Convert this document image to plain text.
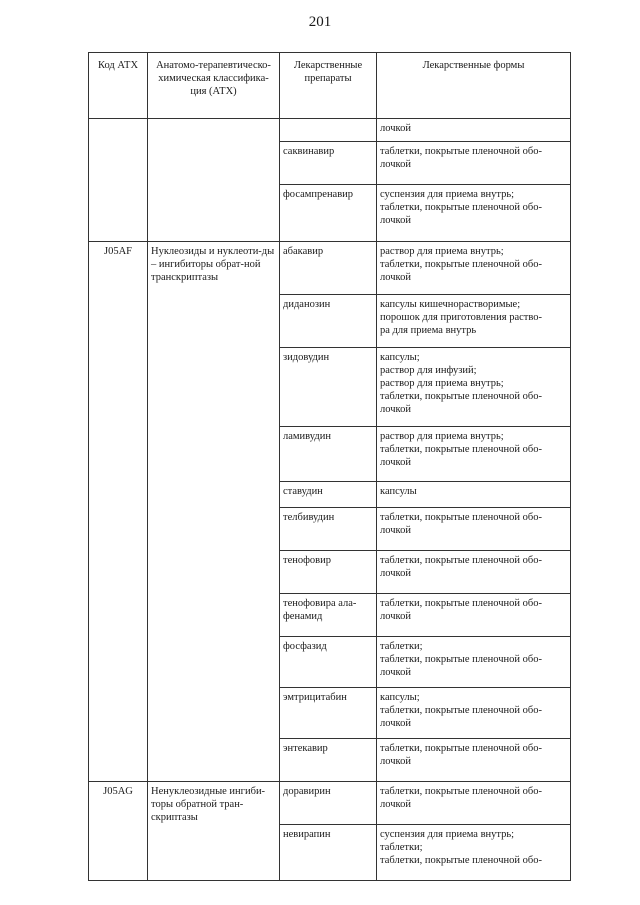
201
Код АТХ	Анатомо-терапевтическо-химическая классифика-ция (АТХ)	Лекарственные препараты	Лекарственные формы

			лочкой

		саквинавир	таблетки, покрытые пленочной обо-
лочкой

		фосампренавир	суспензия для приема внутрь;
таблетки, покрытые пленочной обо-
лочкой

J05AF	Нуклеозиды и нуклеоти-ды – ингибиторы обрат-ной транскриптазы	абакавир	раствор для приема внутрь;
таблетки, покрытые пленочной обо-
лочкой

		диданозин	капсулы кишечнорастворимые;
порошок для приготовления раство-
ра для приема внутрь

		зидовудин	капсулы;
раствор для инфузий;
раствор для приема внутрь;
таблетки, покрытые пленочной обо-
лочкой

		ламивудин	раствор для приема внутрь;
таблетки, покрытые пленочной обо-
лочкой

		ставудин	капсулы

		телбивудин	таблетки, покрытые пленочной обо-
лочкой

		тенофовир	таблетки, покрытые пленочной обо-
лочкой

		тенофовира ала-фенамид	таблетки, покрытые пленочной обо-
лочкой

		фосфазид	таблетки;
таблетки, покрытые пленочной обо-
лочкой

		эмтрицитабин	капсулы;
таблетки, покрытые пленочной обо-
лочкой

		энтекавир	таблетки, покрытые пленочной обо-
лочкой

J05AG	Ненуклеозидные ингиби-торы обратной тран-скриптазы	доравирин	таблетки, покрытые пленочной обо-
лочкой

		невирапин	суспензия для приема внутрь;
таблетки;
таблетки, покрытые пленочной обо-
